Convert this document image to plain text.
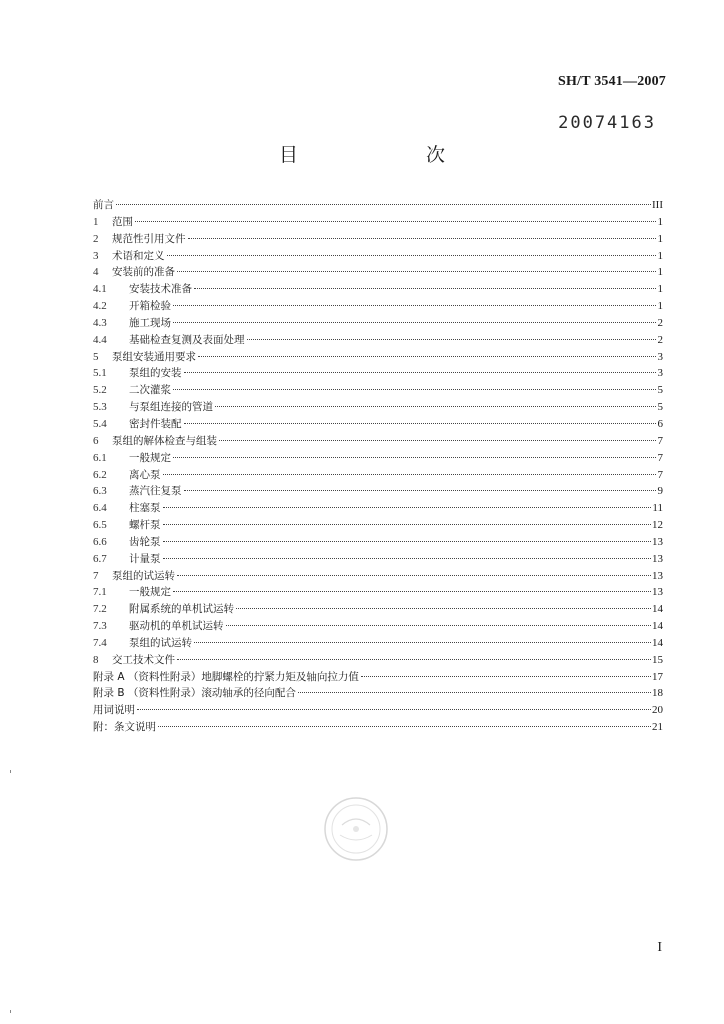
SH/T 3541—2007
20074163
目　　次
前言	III
1	范围	1
2	规范性引用文件	1
3	术语和定义	1
4	安装前的准备	1
4.1	安装技术准备	1
4.2	开箱检验	1
4.3	施工现场	2
4.4	基础检查复测及表面处理	2
5	泵组安装通用要求	3
5.1	泵组的安装	3
5.2	二次灌浆	5
5.3	与泵组连接的管道	5
5.4	密封件装配	6
6	泵组的解体检查与组装	7
6.1	一般规定	7
6.2	离心泵	7
6.3	蒸汽往复泵	9
6.4	柱塞泵	11
6.5	螺杆泵	12
6.6	齿轮泵	13
6.7	计量泵	13
7	泵组的试运转	13
7.1	一般规定	13
7.2	附属系统的单机试运转	14
7.3	驱动机的单机试运转	14
7.4	泵组的试运转	14
8	交工技术文件	15
附录 A （资料性附录）地脚螺栓的拧紧力矩及轴向拉力值	17
附录 B （资料性附录）滚动轴承的径向配合	18
用词说明	20
附：条文说明	21
I
